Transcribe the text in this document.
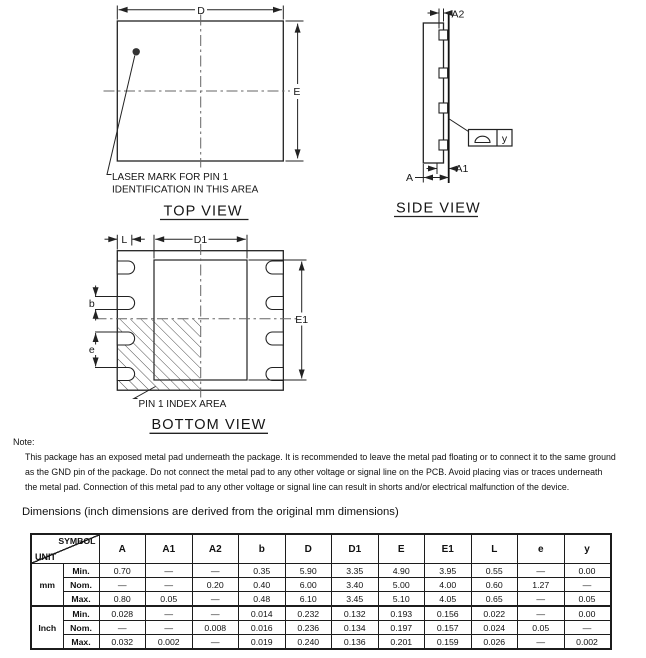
D
E
LASER MARK FOR PIN 1
IDENTIFICATION IN THIS AREA
TOP VIEW
A2
y
A1
A
SIDE VIEW
L	D1
E1
b
e
PIN 1 INDEX AREA
BOTTOM VIEW
Note:
This package has an exposed metal pad underneath the package. It is recommended to leave the metal pad floating or to connect it to the same ground
as the GND pin of the package. Do not connect the metal pad to any other voltage or signal line on the PCB. Avoid placing vias or traces underneath
the metal pad. Connection of this metal pad to any other voltage or signal line can result in shorts and/or electrical malfunction of the device.
Dimensions (inch dimensions are derived from the original mm dimensions)
SYMBOL
UNIT		A	A1	A2	b	D	D1	E	E1	L	e	y
mm	Min.	0.70	—	—	0.35	5.90	3.35	4.90	3.95	0.55	—	0.00
	Nom.	—	—	0.20	0.40	6.00	3.40	5.00	4.00	0.60	1.27	—
	Max.	0.80	0.05	—	0.48	6.10	3.45	5.10	4.05	0.65	—	0.05
Inch	Min.	0.028	—	—	0.014	0.232	0.132	0.193	0.156	0.022	—	0.00
	Nom.	—	—	0.008	0.016	0.236	0.134	0.197	0.157	0.024	0.05	—
	Max.	0.032	0.002	—	0.019	0.240	0.136	0.201	0.159	0.026	—	0.002
